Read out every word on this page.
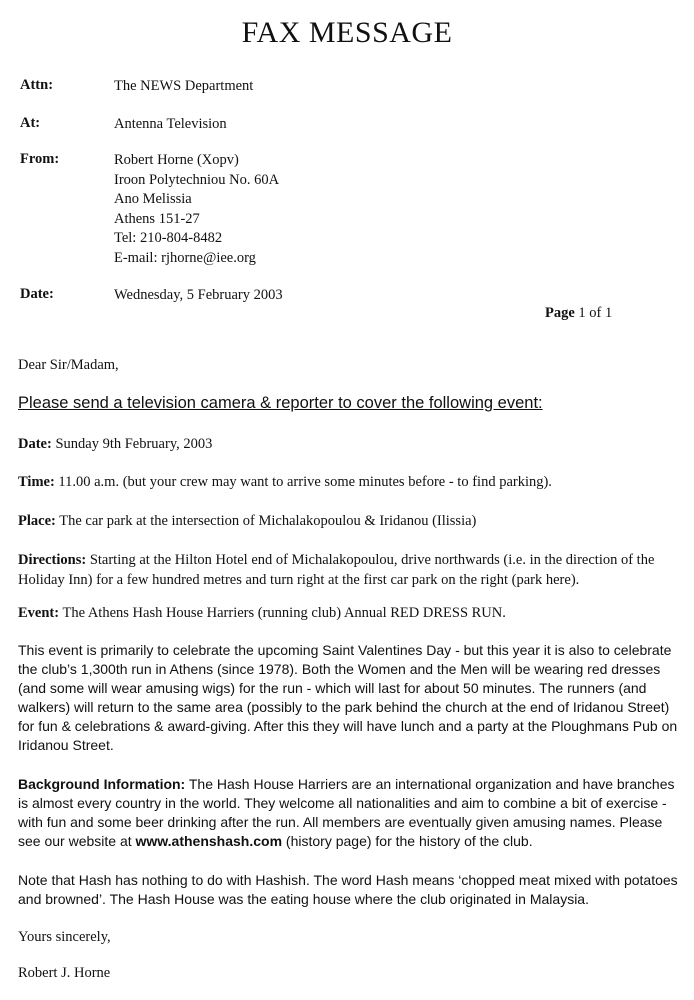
FAX MESSAGE
Attn:	The NEWS Department
At:	Antenna Television
From:	Robert Horne (Xopv)
Iroon Polytechniou No. 60A
Ano Melissia
Athens 151-27
Tel: 210-804-8482
E-mail: rjhorne@iee.org
Date:	Wednesday, 5 February 2003
Page 1 of 1
Dear Sir/Madam,
Please send a television camera & reporter to cover the following event:
Date: Sunday 9th February, 2003
Time: 11.00 a.m. (but your crew may want to arrive some minutes before - to find parking).
Place: The car park at the intersection of Michalakopoulou & Iridanou (Ilissia)
Directions: Starting at the Hilton Hotel end of Michalakopoulou, drive northwards (i.e. in the direction of the Holiday Inn) for a few hundred metres and turn right at the first car park on the right (park here).
Event: The Athens Hash House Harriers (running club) Annual RED DRESS RUN.
This event is primarily to celebrate the upcoming Saint Valentines Day - but this year it is also to celebrate the club’s 1,300th run in Athens (since 1978). Both the Women and the Men will be wearing red dresses (and some will wear amusing wigs) for the run - which will last for about 50 minutes. The runners (and walkers) will return to the same area (possibly to the park behind the church at the end of Iridanou Street) for fun & celebrations & award-giving. After this they will have lunch and a party at the Ploughmans Pub on Iridanou Street.
Background Information: The Hash House Harriers are an international organization and have branches is almost every country in the world. They welcome all nationalities and aim to combine a bit of exercise - with fun and some beer drinking after the run. All members are eventually given amusing names. Please see our website at www.athenshash.com (history page) for the history of the club.
Note that Hash has nothing to do with Hashish. The word Hash means ‘chopped meat mixed with potatoes and browned’. The Hash House was the eating house where the club originated in Malaysia.
Yours sincerely,
Robert J. Horne
